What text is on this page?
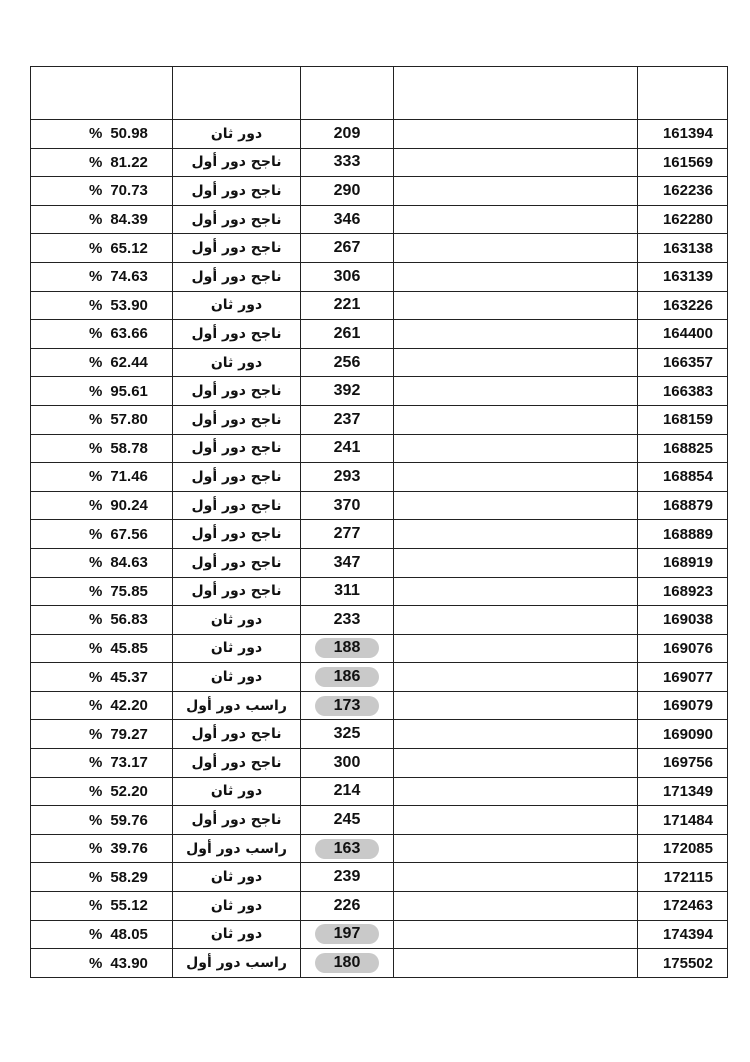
% 50.98	دور ثان	209		161394
% 81.22	ناجح دور أول	333		161569
% 70.73	ناجح دور أول	290		162236
% 84.39	ناجح دور أول	346		162280
% 65.12	ناجح دور أول	267		163138
% 74.63	ناجح دور أول	306		163139
% 53.90	دور ثان	221		163226
% 63.66	ناجح دور أول	261		164400
% 62.44	دور ثان	256		166357
% 95.61	ناجح دور أول	392		166383
% 57.80	ناجح دور أول	237		168159
% 58.78	ناجح دور أول	241		168825
% 71.46	ناجح دور أول	293		168854
% 90.24	ناجح دور أول	370		168879
% 67.56	ناجح دور أول	277		168889
% 84.63	ناجح دور أول	347		168919
% 75.85	ناجح دور أول	311		168923
% 56.83	دور ثان	233		169038
% 45.85	دور ثان	188		169076
% 45.37	دور ثان	186		169077
% 42.20	راسب دور أول	173		169079
% 79.27	ناجح دور أول	325		169090
% 73.17	ناجح دور أول	300		169756
% 52.20	دور ثان	214		171349
% 59.76	ناجح دور أول	245		171484
% 39.76	راسب دور أول	163		172085
% 58.29	دور ثان	239		172115
% 55.12	دور ثان	226		172463
% 48.05	دور ثان	197		174394
% 43.90	راسب دور أول	180		175502
